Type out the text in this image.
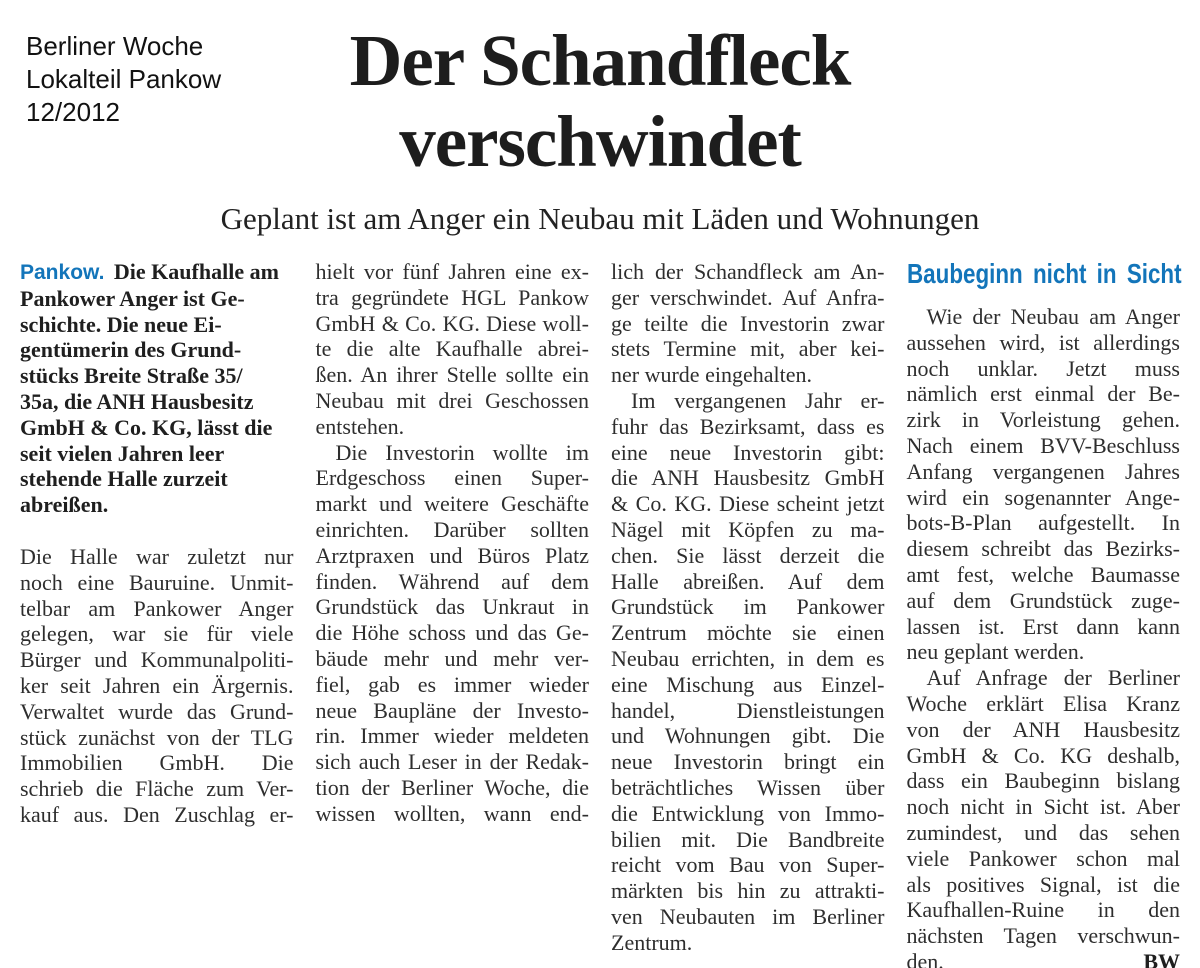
Berliner Woche
Lokalteil Pankow
12/2012
Der Schandfleck
verschwindet
Geplant ist am Anger ein Neubau mit Läden und Wohnungen
Pankow. Die Kaufhalle am
Pankower Anger ist Ge-
schichte. Die neue Ei-
gentümerin des Grund-
stücks Breite Straße 35/
35a, die ANH Hausbesitz
GmbH & Co. KG, lässt die
seit vielen Jahren leer
stehende Halle zurzeit
abreißen.
Die Halle war zuletzt nur
noch eine Bauruine. Unmit-
telbar am Pankower Anger
gelegen, war sie für viele
Bürger und Kommunalpoliti-
ker seit Jahren ein Ärgernis.
Verwaltet wurde das Grund-
stück zunächst von der TLG
Immobilien GmbH. Die
schrieb die Fläche zum Ver-
kauf aus. Den Zuschlag er-
hielt vor fünf Jahren eine ex-
tra gegründete HGL Pankow
GmbH & Co. KG. Diese woll-
te die alte Kaufhalle abrei-
ßen. An ihrer Stelle sollte ein
Neubau mit drei Geschossen
entstehen.
Die Investorin wollte im
Erdgeschoss einen Super-
markt und weitere Geschäfte
einrichten. Darüber sollten
Arztpraxen und Büros Platz
finden. Während auf dem
Grundstück das Unkraut in
die Höhe schoss und das Ge-
bäude mehr und mehr ver-
fiel, gab es immer wieder
neue Baupläne der Investo-
rin. Immer wieder meldeten
sich auch Leser in der Redak-
tion der Berliner Woche, die
wissen wollten, wann end-
lich der Schandfleck am An-
ger verschwindet. Auf Anfra-
ge teilte die Investorin zwar
stets Termine mit, aber kei-
ner wurde eingehalten.
Im vergangenen Jahr er-
fuhr das Bezirksamt, dass es
eine neue Investorin gibt:
die ANH Hausbesitz GmbH
& Co. KG. Diese scheint jetzt
Nägel mit Köpfen zu ma-
chen. Sie lässt derzeit die
Halle abreißen. Auf dem
Grundstück im Pankower
Zentrum möchte sie einen
Neubau errichten, in dem es
eine Mischung aus Einzel-
handel, Dienstleistungen
und Wohnungen gibt. Die
neue Investorin bringt ein
beträchtliches Wissen über
die Entwicklung von Immo-
bilien mit. Die Bandbreite
reicht vom Bau von Super-
märkten bis hin zu attrakti-
ven Neubauten im Berliner
Zentrum.
Baubeginn nicht in Sicht
Wie der Neubau am Anger
aussehen wird, ist allerdings
noch unklar. Jetzt muss
nämlich erst einmal der Be-
zirk in Vorleistung gehen.
Nach einem BVV-Beschluss
Anfang vergangenen Jahres
wird ein sogenannter Ange-
bots-B-Plan aufgestellt. In
diesem schreibt das Bezirks-
amt fest, welche Baumasse
auf dem Grundstück zuge-
lassen ist. Erst dann kann
neu geplant werden.
Auf Anfrage der Berliner
Woche erklärt Elisa Kranz
von der ANH Hausbesitz
GmbH & Co. KG deshalb,
dass ein Baubeginn bislang
noch nicht in Sicht ist. Aber
zumindest, und das sehen
viele Pankower schon mal
als positives Signal, ist die
Kaufhallen-Ruine in den
nächsten Tagen verschwun-
den.	BW
